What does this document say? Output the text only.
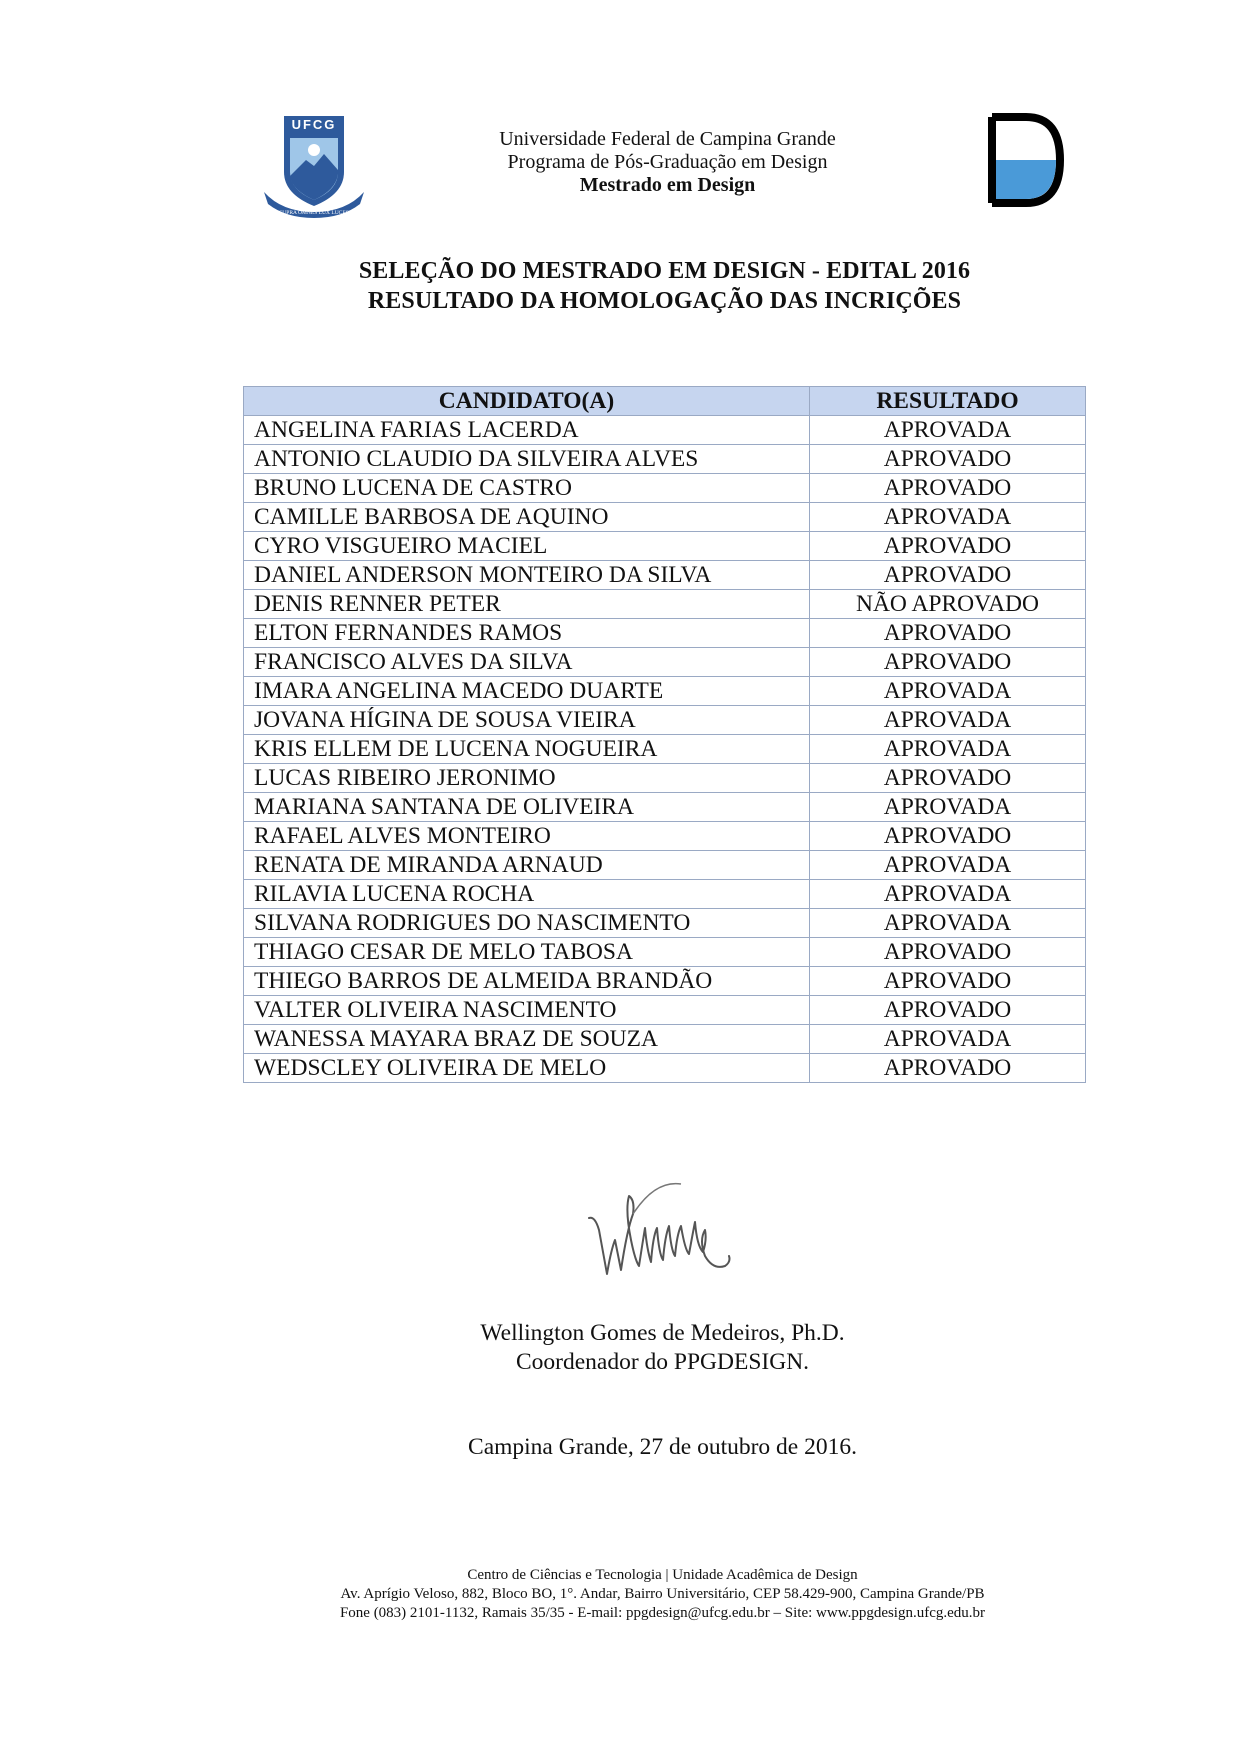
UFCG
SUPRA OMNES LUX LUCES
Universidade Federal de Campina Grande
Programa de Pós-Graduação em Design
Mestrado em Design
SELEÇÃO DO MESTRADO EM DESIGN - EDITAL 2016
RESULTADO DA HOMOLOGAÇÃO DAS INCRIÇÕES
CANDIDATO(A)	RESULTADO
ANGELINA FARIAS LACERDA	APROVADA
ANTONIO CLAUDIO DA SILVEIRA ALVES	APROVADO
BRUNO LUCENA DE CASTRO	APROVADO
CAMILLE BARBOSA DE AQUINO	APROVADA
CYRO VISGUEIRO MACIEL	APROVADO
DANIEL ANDERSON MONTEIRO DA SILVA	APROVADO
DENIS RENNER PETER	NÃO APROVADO
ELTON FERNANDES RAMOS	APROVADO
FRANCISCO ALVES DA SILVA	APROVADO
IMARA ANGELINA MACEDO DUARTE	APROVADA
JOVANA HÍGINA DE SOUSA VIEIRA	APROVADA
KRIS ELLEM DE LUCENA NOGUEIRA	APROVADA
LUCAS RIBEIRO JERONIMO	APROVADO
MARIANA SANTANA DE OLIVEIRA	APROVADA
RAFAEL ALVES MONTEIRO	APROVADO
RENATA DE MIRANDA ARNAUD	APROVADA
RILAVIA LUCENA ROCHA	APROVADA
SILVANA RODRIGUES DO NASCIMENTO	APROVADA
THIAGO CESAR DE MELO TABOSA	APROVADO
THIEGO BARROS DE ALMEIDA BRANDÃO	APROVADO
VALTER OLIVEIRA NASCIMENTO	APROVADO
WANESSA MAYARA BRAZ DE SOUZA	APROVADA
WEDSCLEY OLIVEIRA DE MELO	APROVADO
Wellington Gomes de Medeiros, Ph.D.
Coordenador do PPGDESIGN.
Campina Grande, 27 de outubro de 2016.
Centro de Ciências e Tecnologia | Unidade Acadêmica de Design
Av. Aprígio Veloso, 882, Bloco BO, 1°. Andar, Bairro Universitário, CEP 58.429-900, Campina Grande/PB
Fone (083) 2101-1132, Ramais 35/35 - E-mail: ppgdesign@ufcg.edu.br – Site: www.ppgdesign.ufcg.edu.br
